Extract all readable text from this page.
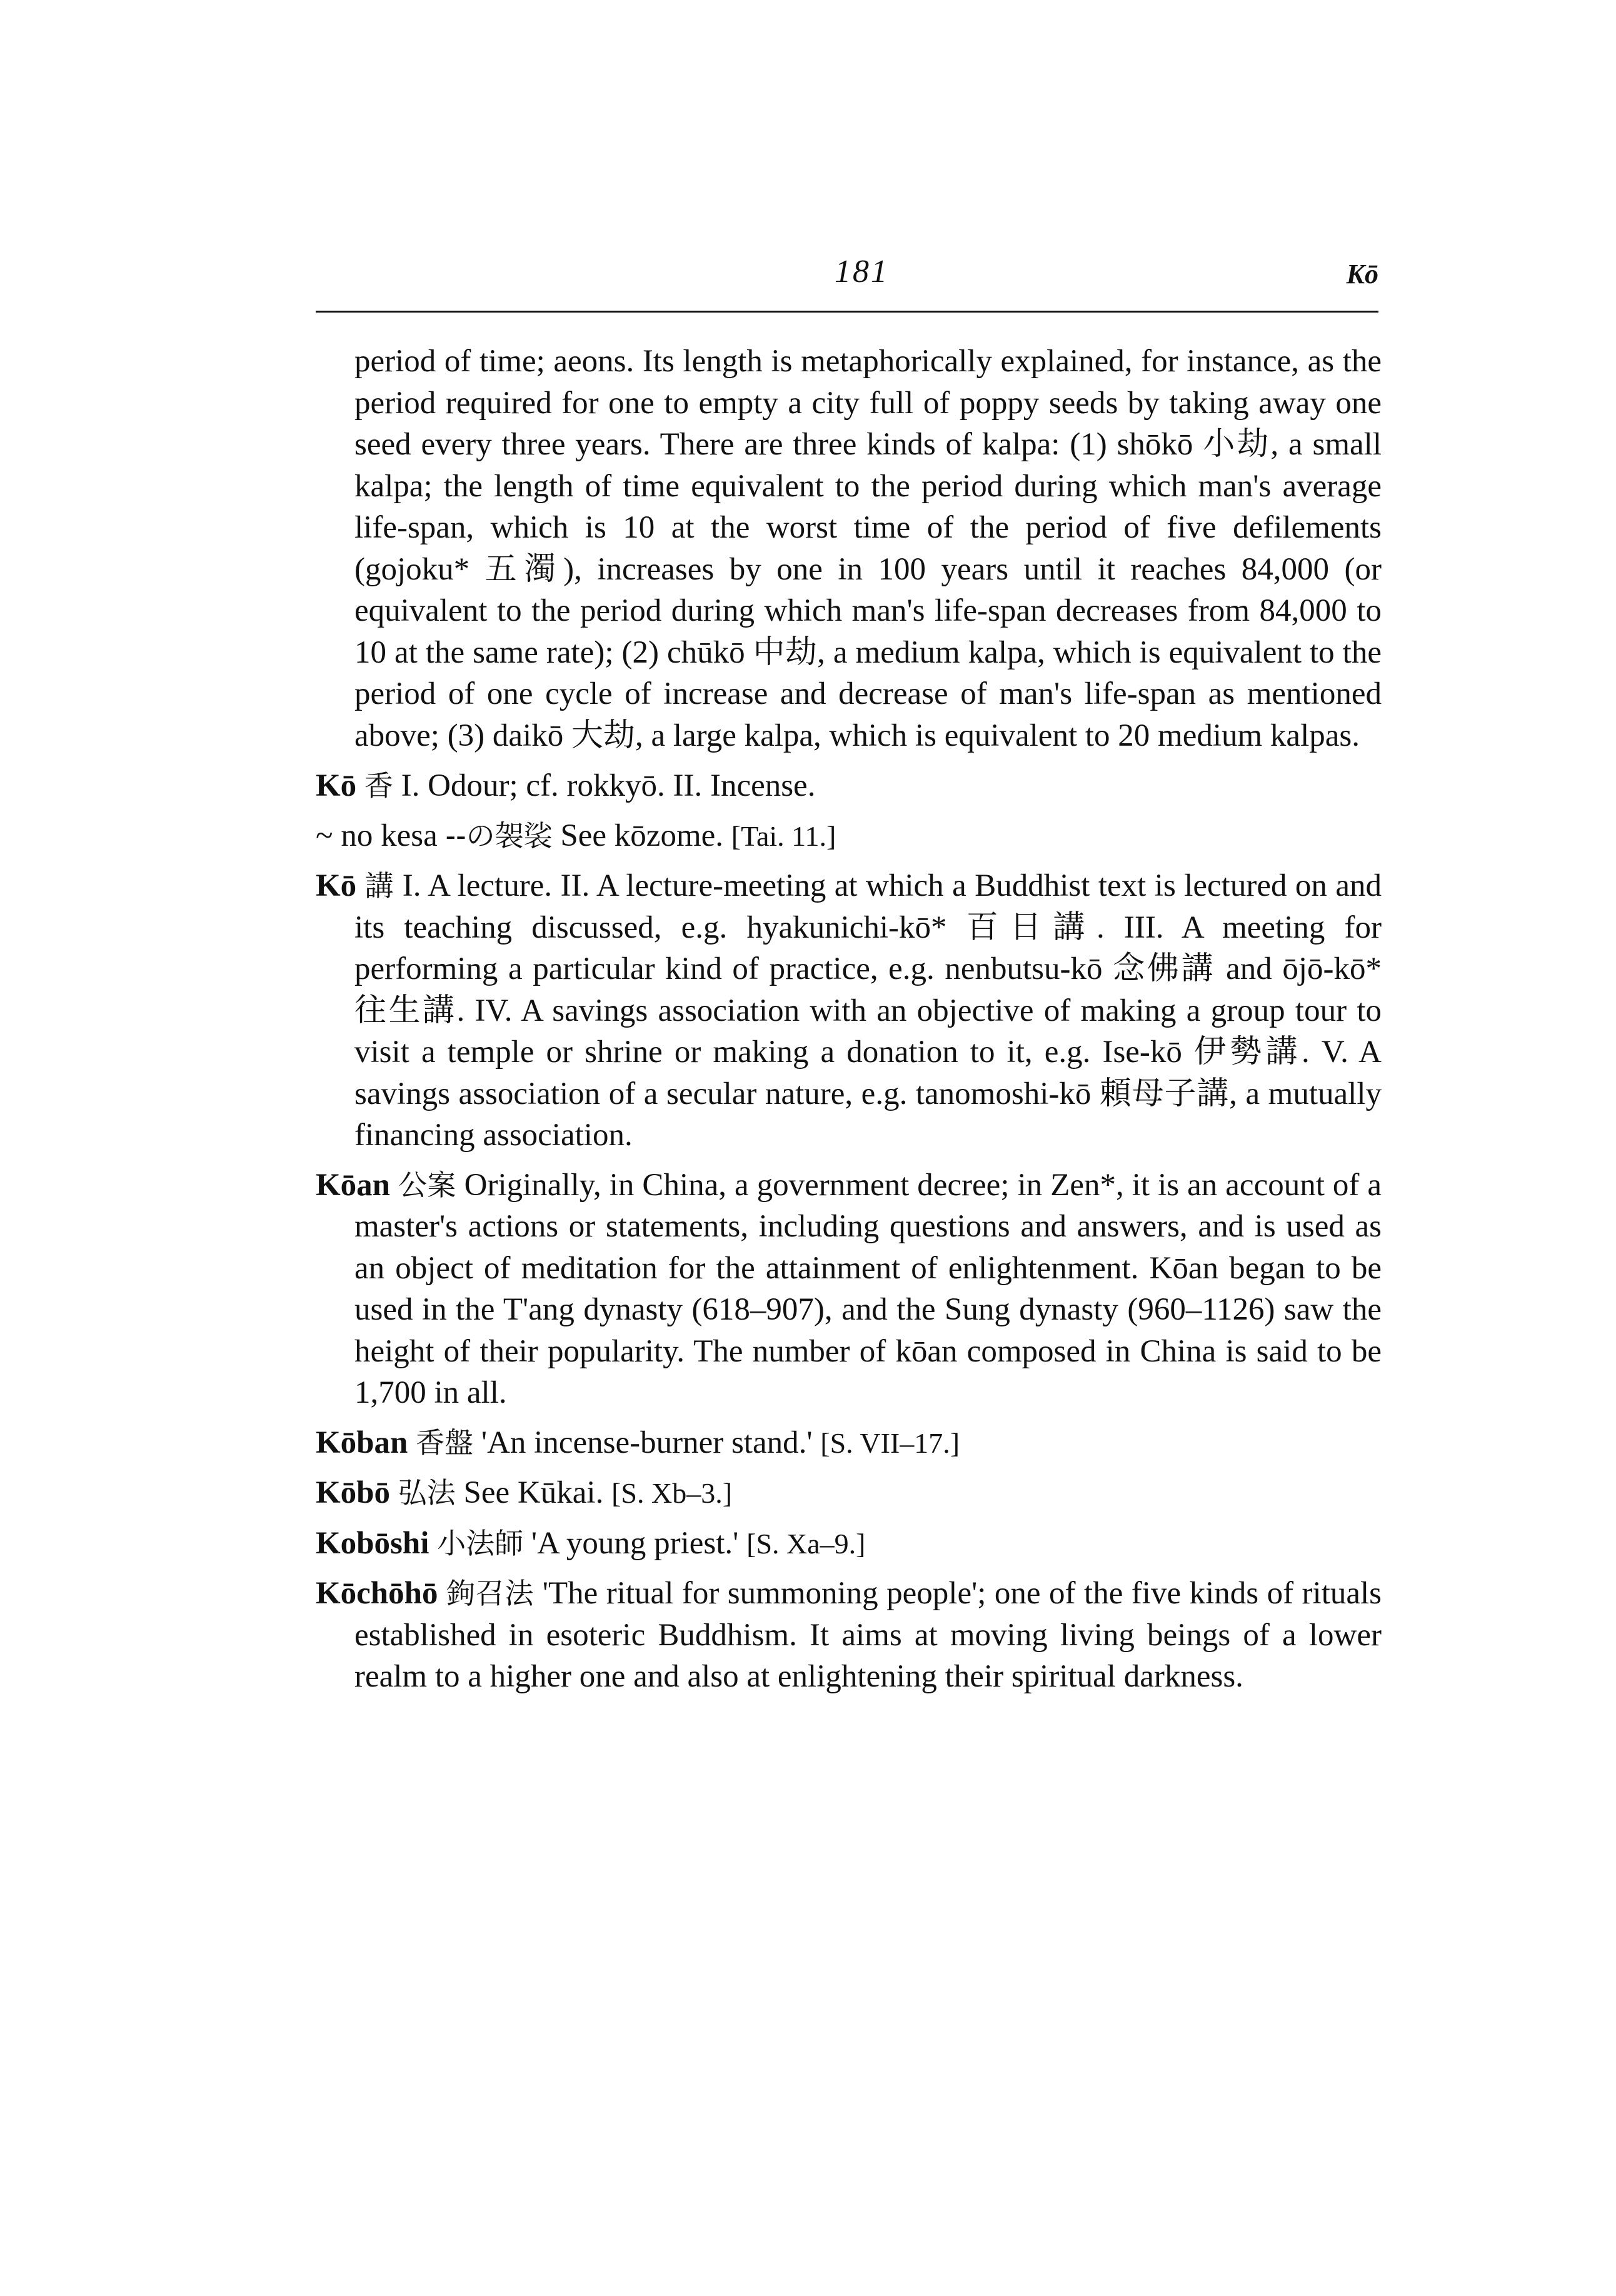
181	Kō

period of time; aeons. Its length is metaphorically explained, for instance, as the period required for one to empty a city full of poppy seeds by taking away one seed every three years. There are three kinds of kalpa: (1) shōkō 小劫, a small kalpa; the length of time equivalent to the period during which man's average life-span, which is 10 at the worst time of the period of five defilements (gojoku* 五濁), increases by one in 100 years until it reaches 84,000 (or equivalent to the period during which man's life-span decreases from 84,000 to 10 at the same rate); (2) chūkō 中劫, a medium kalpa, which is equivalent to the period of one cycle of increase and decrease of man's life-span as mentioned above; (3) daikō 大劫, a large kalpa, which is equivalent to 20 medium kalpas.

Kō 香 I. Odour; cf. rokkyō. II. Incense.

~ no kesa --の袈裟 See kōzome. [Tai. 11.]

Kō 講 I. A lecture. II. A lecture-meeting at which a Buddhist text is lectured on and its teaching discussed, e.g. hyakunichi-kō* 百日講. III. A meeting for performing a particular kind of practice, e.g. nenbutsu-kō 念佛講 and ōjō-kō* 往生講. IV. A savings association with an objective of making a group tour to visit a temple or shrine or making a donation to it, e.g. Ise-kō 伊勢講. V. A savings association of a secular nature, e.g. tanomoshi-kō 頼母子講, a mutually financing association.

Kōan 公案 Originally, in China, a government decree; in Zen*, it is an account of a master's actions or statements, including questions and answers, and is used as an object of meditation for the attainment of enlightenment. Kōan began to be used in the T'ang dynasty (618–907), and the Sung dynasty (960–1126) saw the height of their popularity. The number of kōan composed in China is said to be 1,700 in all.

Kōban 香盤 'An incense-burner stand.' [S. VII–17.]

Kōbō 弘法 See Kūkai. [S. Xb–3.]

Kobōshi 小法師 'A young priest.' [S. Xa–9.]

Kōchōhō 鉤召法 'The ritual for summoning people'; one of the five kinds of rituals established in esoteric Buddhism. It aims at moving living beings of a lower realm to a higher one and also at enlightening their spiritual darkness.
